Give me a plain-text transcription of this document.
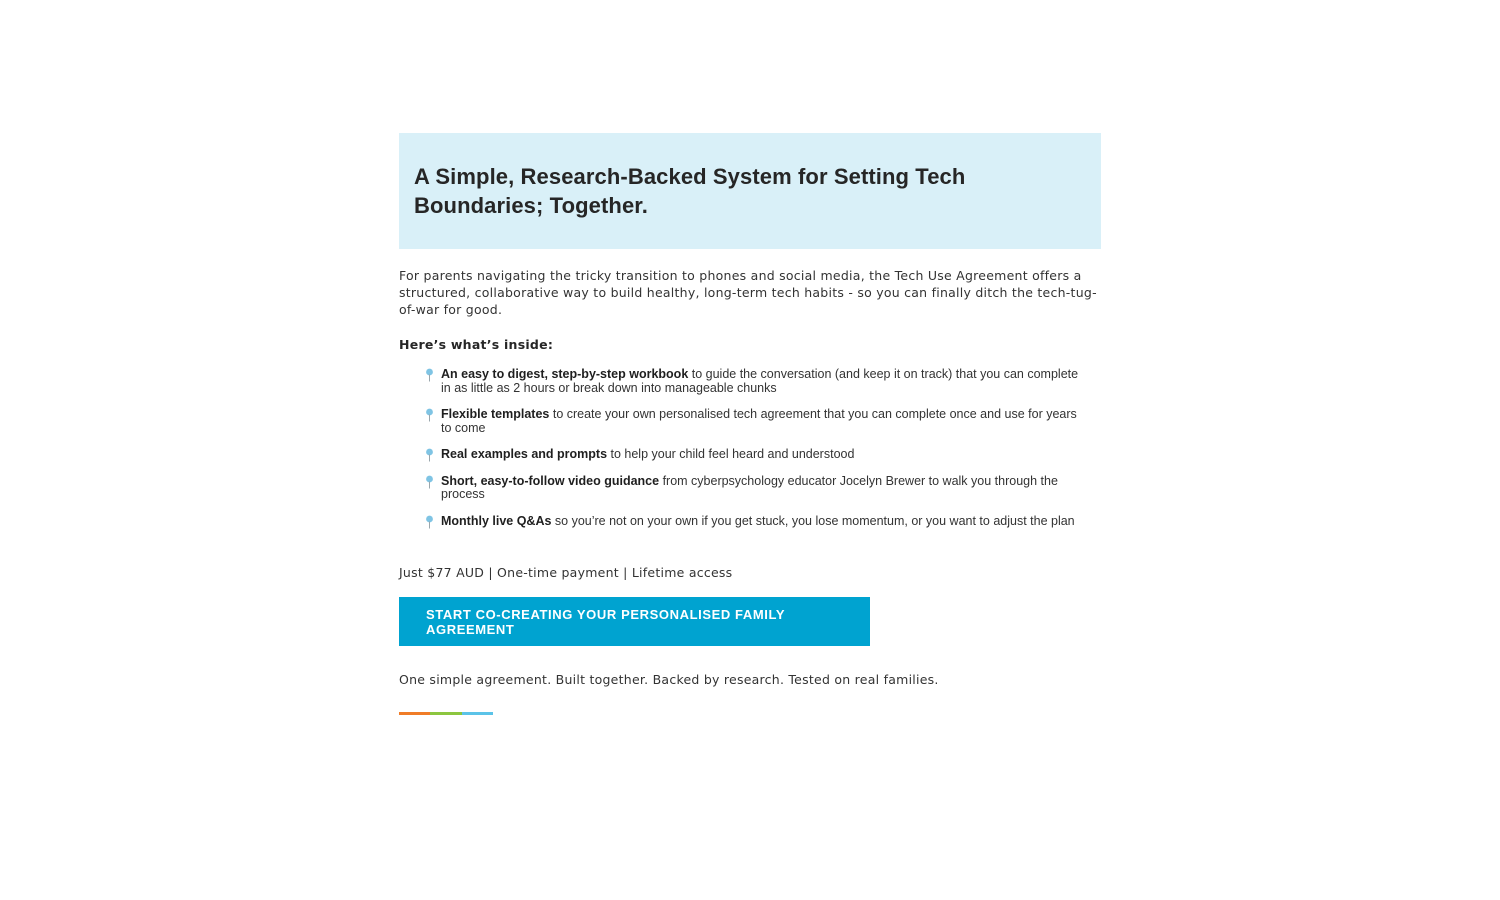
A Simple, Research-Backed System for Setting Tech Boundaries; Together.

For parents navigating the tricky transition to phones and social media, the Tech Use Agreement offers a structured, collaborative way to build healthy, long-term tech habits - so you can finally ditch the tech-tug-of-war for good.

Here’s what’s inside:

An easy to digest, step-by-step workbook to guide the conversation (and keep it on track) that you can complete in as little as 2 hours or break down into manageable chunks
Flexible templates to create your own personalised tech agreement that you can complete once and use for years to come
Real examples and prompts to help your child feel heard and understood
Short, easy-to-follow video guidance from cyberpsychology educator Jocelyn Brewer to walk you through the process
Monthly live Q&As so you’re not on your own if you get stuck, you lose momentum, or you want to adjust the plan

Just $77 AUD | One-time payment | Lifetime access

START CO-CREATING YOUR PERSONALISED FAMILY AGREEMENT

One simple agreement. Built together. Backed by research. Tested on real families.
